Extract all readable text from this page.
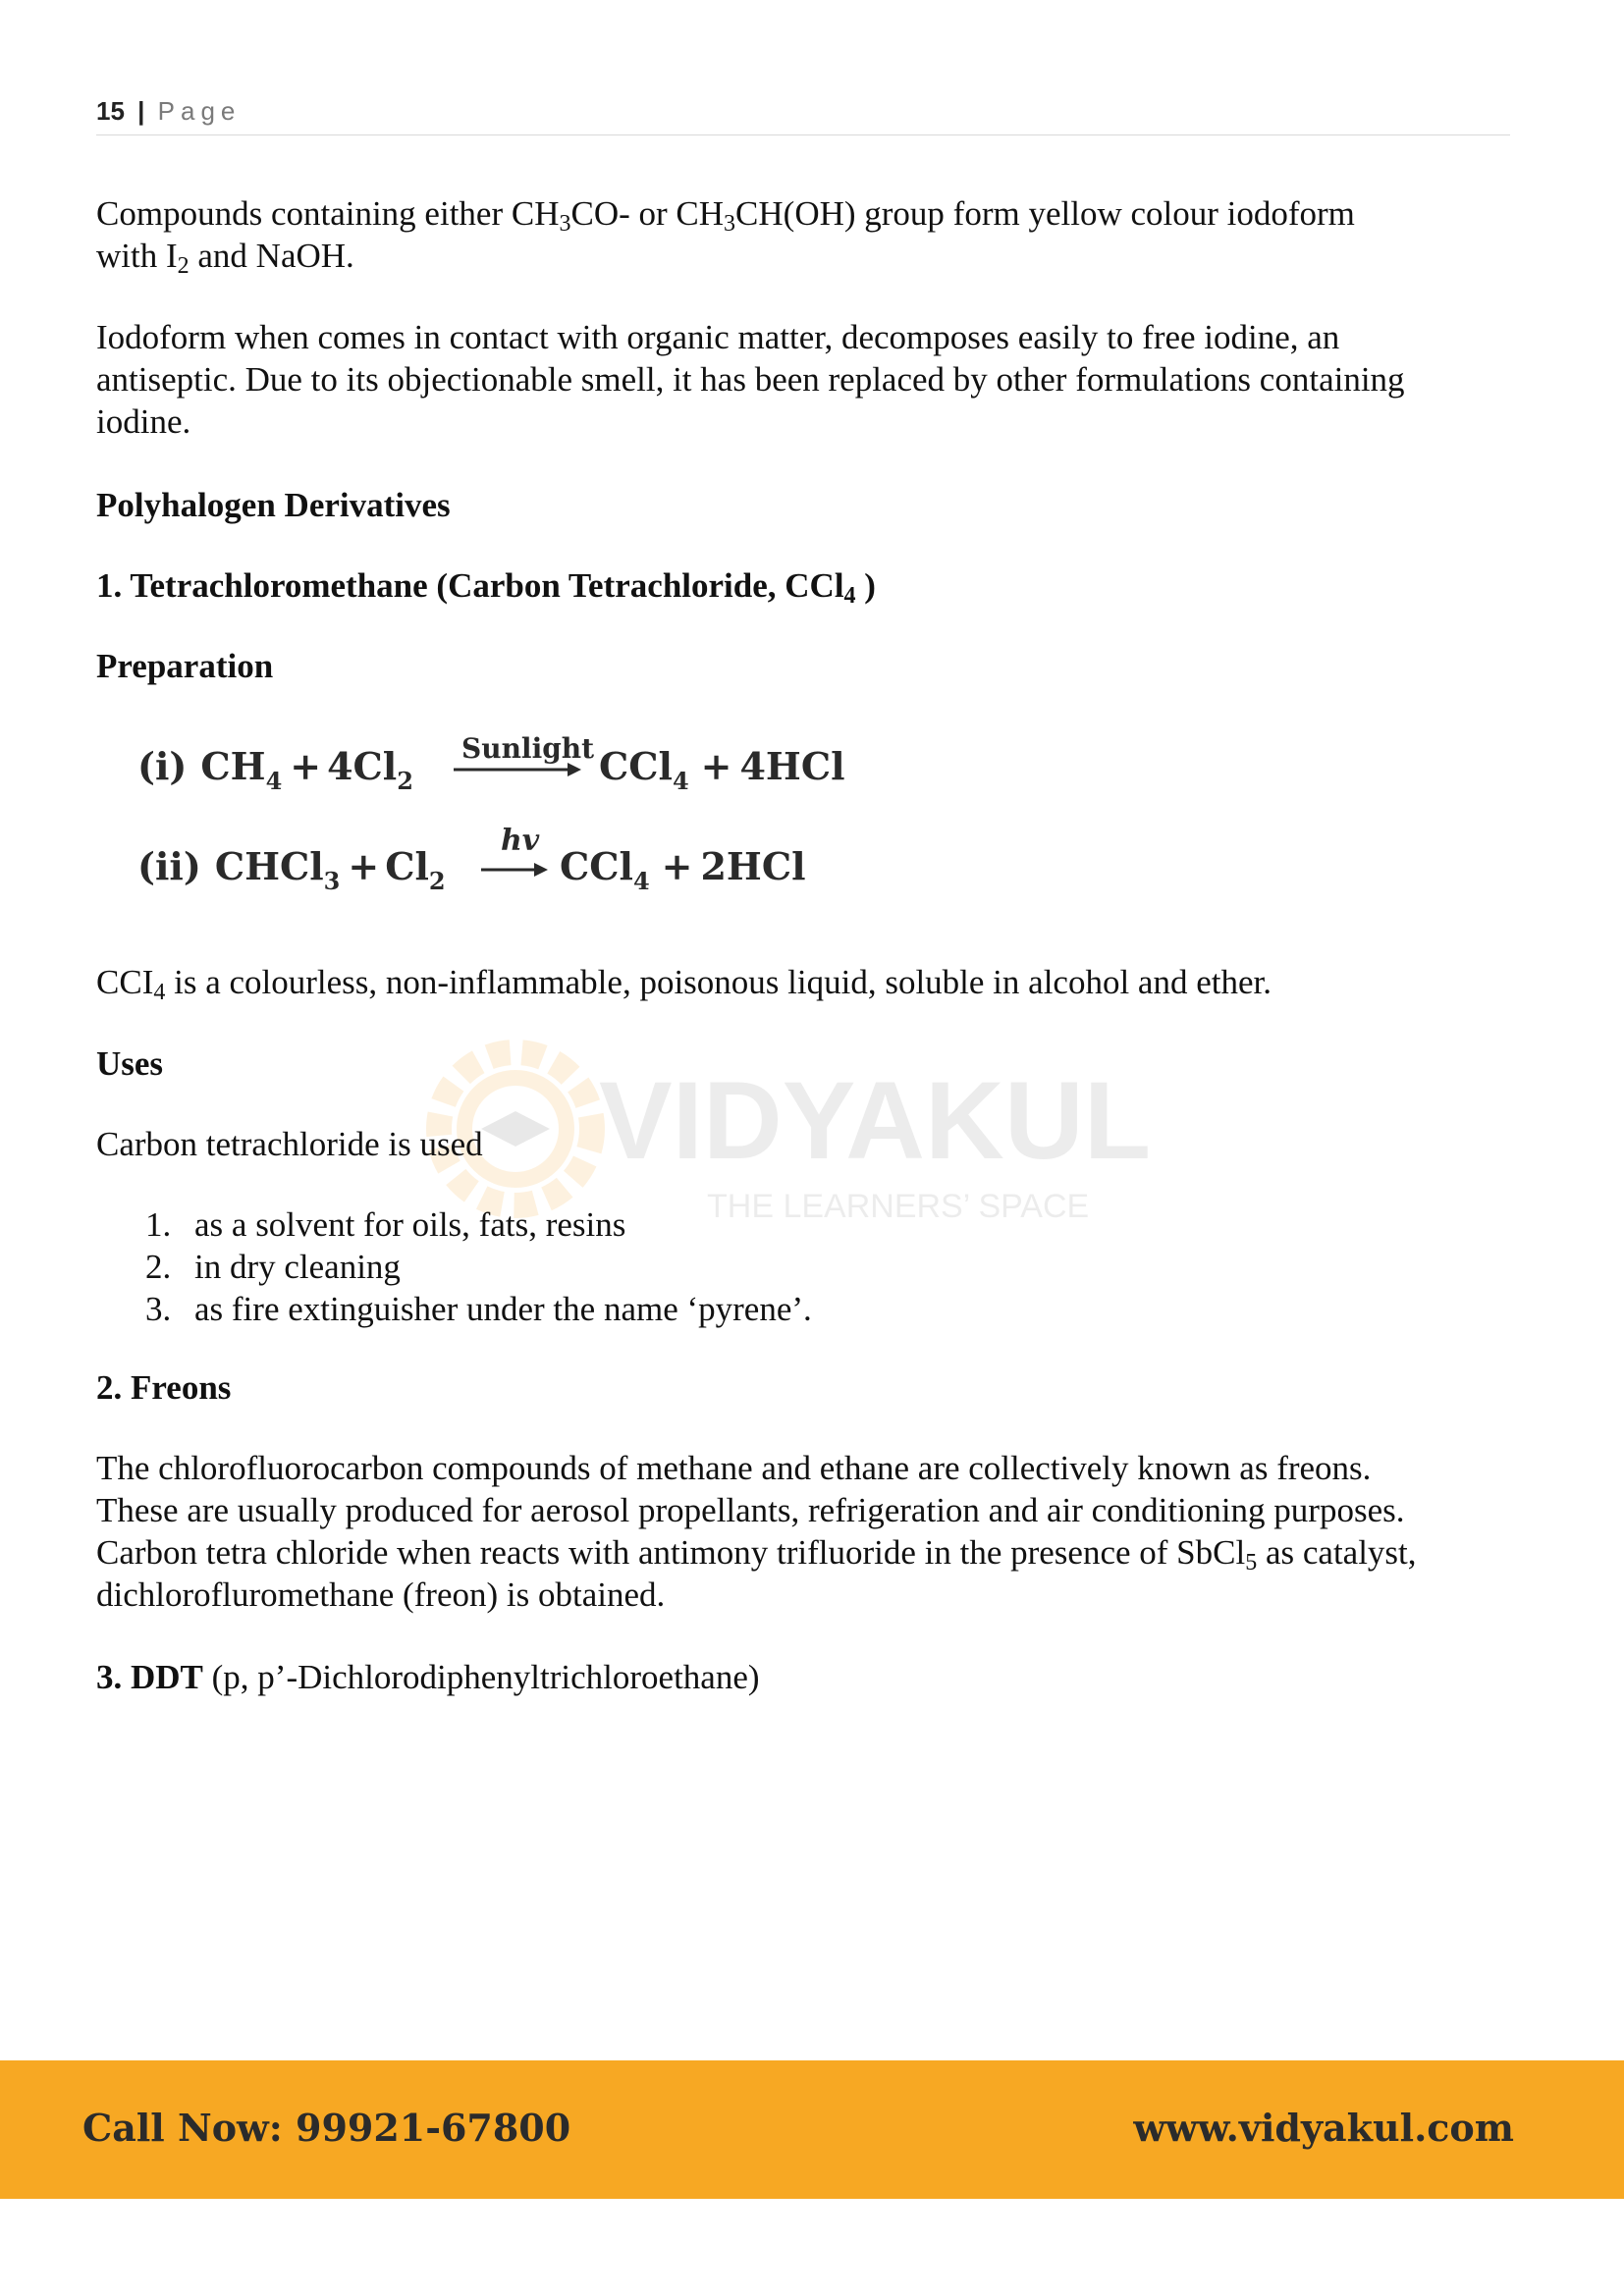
15 | Page
VIDYAKUL
THE LEARNERS’ SPACE

Compounds containing either $CH_3CO-$ or $CH_3CH(OH)$ group form yellow colour iodoform
with $I_2$ and NaOH.

Iodoform when comes in contact with organic matter, decomposes easily to free iodine, an
antiseptic. Due to its objectionable smell, it has been replaced by other formulations containing
iodine.

Polyhalogen Derivatives

1. Tetrachloromethane (Carbon Tetrachloride, CCl$_4$ )

Preparation

(i) $CH_4 + 4Cl_2$
Sunlight CCl$_4$ + 4HCl
(ii) CHCl$_3$ + $Cl_2$
hv
CCl$_4$ + 2HCl

$CCI_4$ is a colourless, non-inflammable, poisonous liquid, soluble in alcohol and ether.

Uses

Carbon tetrachloride is used

1. as a solvent for oils, fats, resins
2. in dry cleaning
3. as fire extinguisher under the name ‘pyrene’.

2. Freons

The chlorofluorocarbon compounds of methane and ethane are collectively known as freons.
These are usually produced for aerosol propellants, refrigeration and air conditioning purposes.
Carbon tetra chloride when reacts with antimony trifluoride in the presence of SbCl$_5$ as catalyst,
dichlorofluromethane (freon) is obtained.

3. DDT (p, p’-Dichlorodiphenyltrichloroethane)

Call Now: 99921-67800	www.vidyakul.com
